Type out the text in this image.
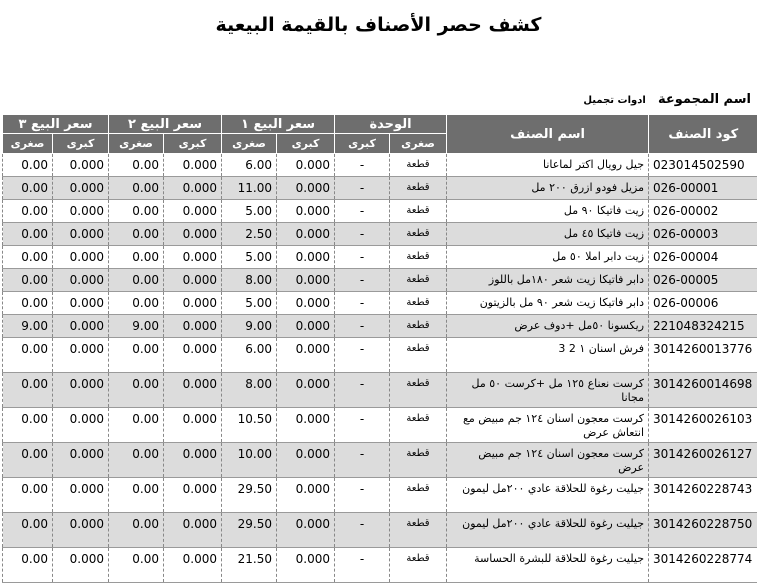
كشف حصر الأصناف بالقيمة البيعية
اسم المجموعة ادوات تجميل
كود الصنف	اسم الصنف	الوحدة		سعر البيع ١		سعر البيع ٢		سعر البيع ٣	
		صغرى	كبرى	كبرى	صغرى	كبرى	صغرى	كبرى	صغرى
023014502590	جيل رويال اكتر لماعانا	قطعة	-	0.000	6.00	0.000	0.00	0.000	0.00
026-00001	مزيل فودو ازرق ٢٠٠ مل	قطعة	-	0.000	11.00	0.000	0.00	0.000	0.00
026-00002	زيت فاتيكا ٩٠ مل	قطعة	-	0.000	5.00	0.000	0.00	0.000	0.00
026-00003	زيت فاتيكا ٤٥ مل	قطعة	-	0.000	2.50	0.000	0.00	0.000	0.00
026-00004	زيت دابر املا ٥٠ مل	قطعة	-	0.000	5.00	0.000	0.00	0.000	0.00
026-00005	دابر فاتيكا زيت شعر ١٨٠مل باللوز	قطعة	-	0.000	8.00	0.000	0.00	0.000	0.00
026-00006	دابر فاتيكا زيت شعر ٩٠ مل بالزيتون	قطعة	-	0.000	5.00	0.000	0.00	0.000	0.00
221048324215	ريكسونا ٥٠مل +دوف عرض	قطعة	-	0.000	9.00	0.000	9.00	0.000	9.00
3014260013776	فرش اسنان ١ 2 3	قطعة	-	0.000	6.00	0.000	0.00	0.000	0.00
3014260014698	كرست نعناع ١٢٥ مل +كرست ٥٠ مل مجانا	قطعة	-	0.000	8.00	0.000	0.00	0.000	0.00
3014260026103	كرست معجون اسنان ١٢٤ جم مبيض مع انتعاش عرض	قطعة	-	0.000	10.50	0.000	0.00	0.000	0.00
3014260026127	كرست معجون اسنان ١٢٤ جم مبيض عرض	قطعة	-	0.000	10.00	0.000	0.00	0.000	0.00
3014260228743	جيليت رغوة للحلاقة عادي ٢٠٠مل ليمون	قطعة	-	0.000	29.50	0.000	0.00	0.000	0.00
3014260228750	جيليت رغوة للحلاقة عادي ٢٠٠مل ليمون	قطعة	-	0.000	29.50	0.000	0.00	0.000	0.00
3014260228774	جيليت رغوة للحلاقة للبشرة الحساسة	قطعة	-	0.000	21.50	0.000	0.00	0.000	0.00
